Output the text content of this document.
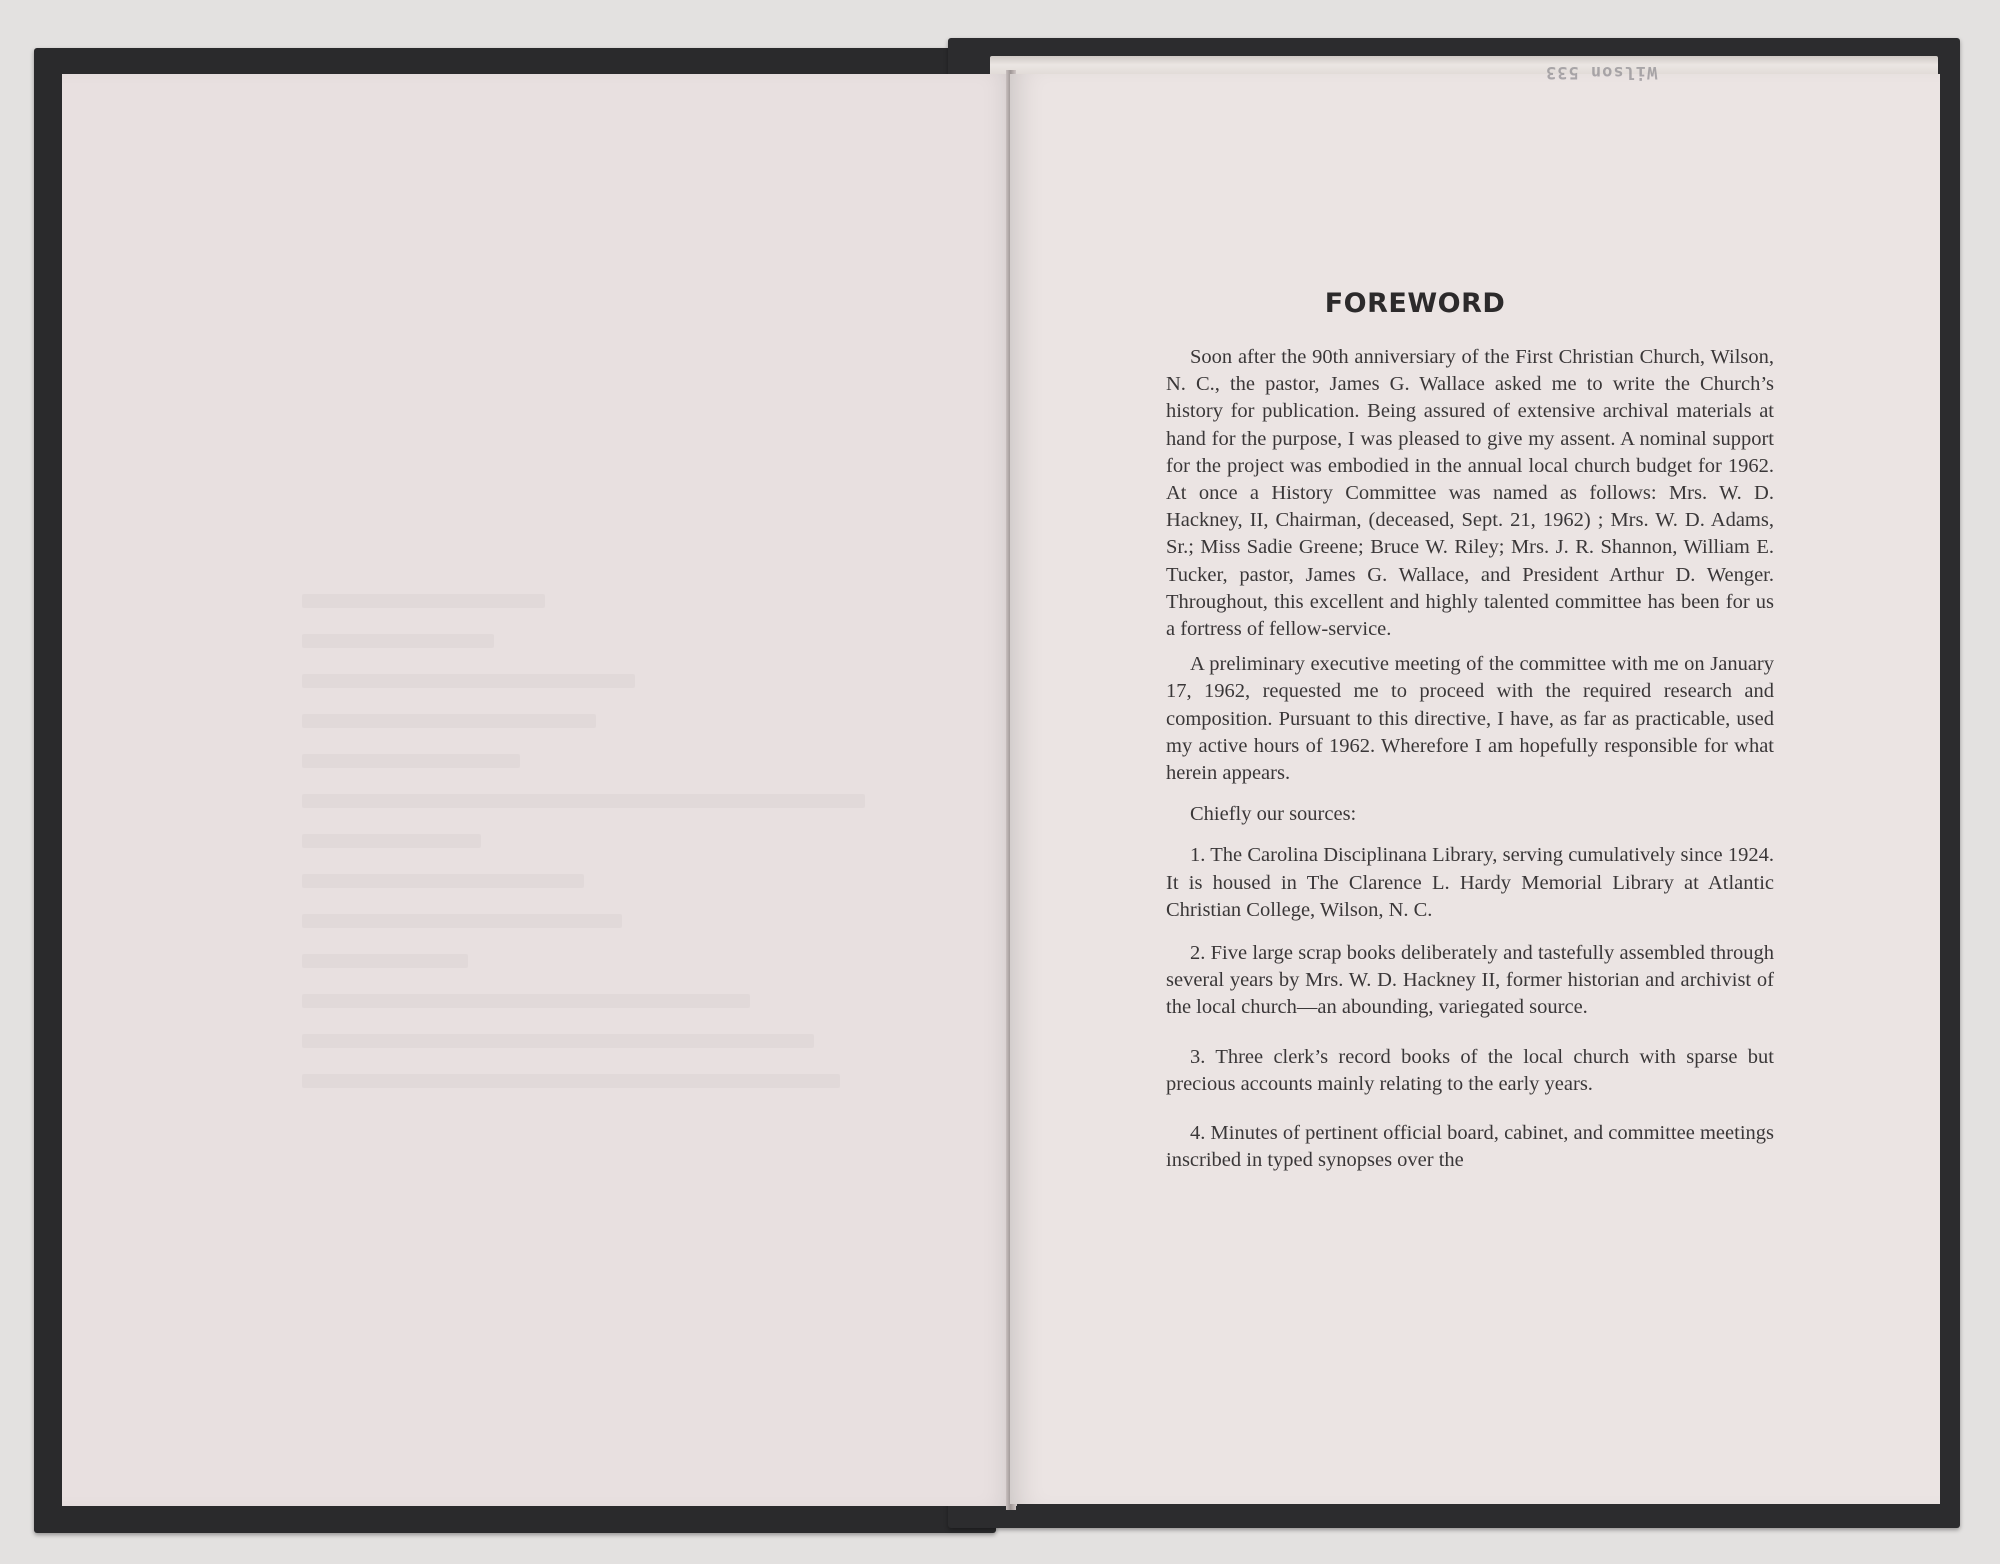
Wilson 533
FOREWORD

Soon after the 90th anniversiary of the First Christian Church, Wilson, N. C., the pastor, James G. Wallace asked me to write the Church’s history for publication. Being assured of extensive archival materials at hand for the purpose, I was pleased to give my assent. A nominal support for the project was embodied in the annual local church budget for 1962. At once a History Committee was named as follows: Mrs. W. D. Hackney, II, Chairman, (deceased, Sept. 21, 1962) ; Mrs. W. D. Adams, Sr.; Miss Sadie Greene; Bruce W. Riley; Mrs. J. R. Shannon, William E. Tucker, pastor, James G. Wallace, and President Arthur D. Wenger. Throughout, this excellent and highly talented committee has been for us a fortress of fellow-service.

A preliminary executive meeting of the committee with me on January 17, 1962, requested me to proceed with the required research and composition. Pursuant to this directive, I have, as far as practicable, used my active hours of 1962. Wherefore I am hopefully responsible for what herein appears.

Chiefly our sources:

1. The Carolina Disciplinana Library, serving cumulatively since 1924. It is housed in The Clarence L. Hardy Memorial Library at Atlantic Christian College, Wilson, N. C.

2. Five large scrap books deliberately and tastefully assembled through several years by Mrs. W. D. Hackney II, former historian and archivist of the local church—an abounding, variegated source.

3. Three clerk’s record books of the local church with sparse but precious accounts mainly relating to the early years.

4. Minutes of pertinent official board, cabinet, and committee meetings inscribed in typed synopses over the
